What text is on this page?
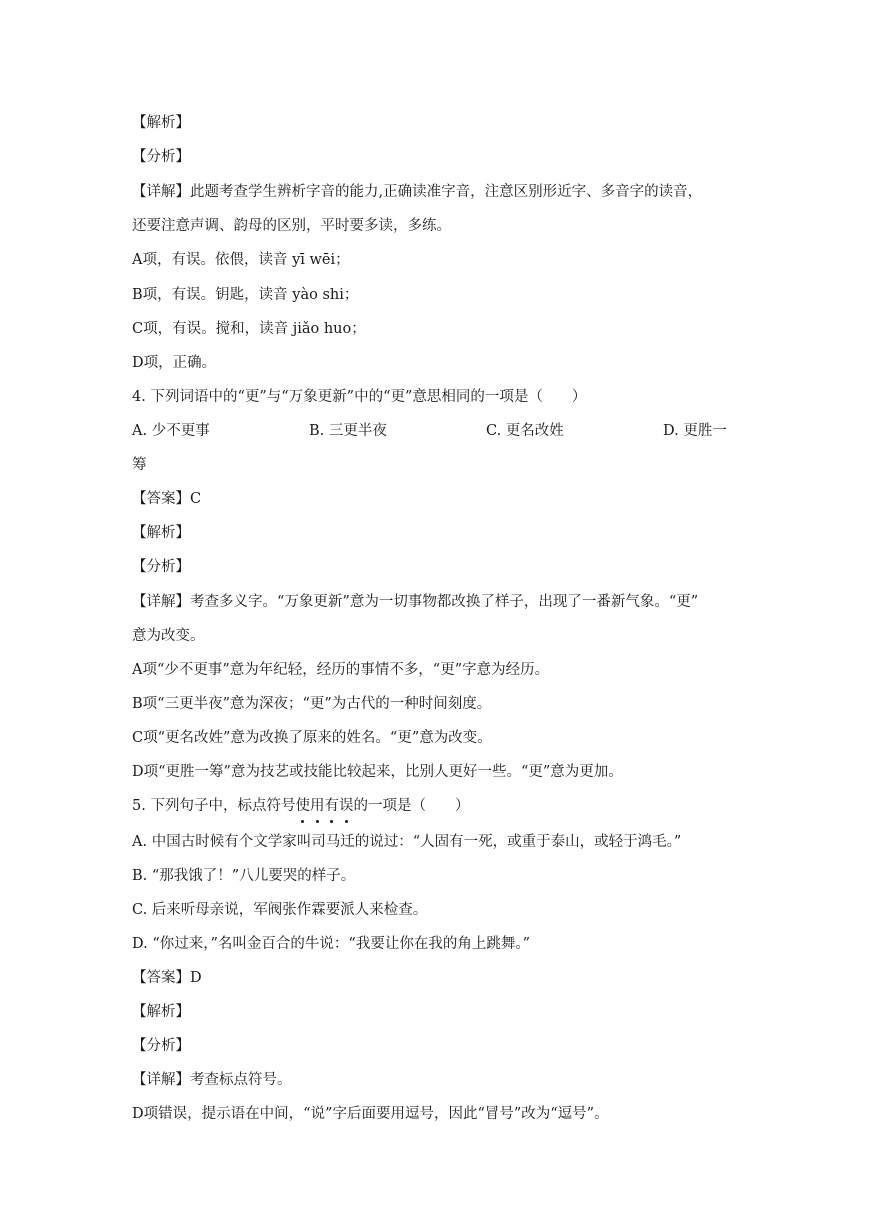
【解析】
【分析】
【详解】此题考查学生辨析字音的能力,正确读准字音，注意区别形近字、多音字的读音，
还要注意声调、韵母的区别，平时要多读，多练。
A项，有误。依偎，读音 yī wēi；
B项，有误。钥匙，读音 yào shi；
C项，有误。搅和，读音 jiǎo huo；
D项，正确。
4. 下列词语中的“更”与“万象更新”中的“更”意思相同的一项是（　　）
A. 少不更事	B. 三更半夜	C. 更名改姓	D. 更胜一
筹
【答案】C
【解析】
【分析】
【详解】考查多义字。“万象更新”意为一切事物都改换了样子，出现了一番新气象。“更”
意为改变。
A项“少不更事”意为年纪轻，经历的事情不多，“更”字意为经历。
B项“三更半夜”意为深夜；“更”为古代的一种时间刻度。
C项“更名改姓”意为改换了原来的姓名。“更”意为改变。
D项“更胜一筹”意为技艺或技能比较起来，比别人更好一些。“更”意为更加。
5. 下列句子中，标点符号使用有误的一项是（　　）
A. 中国古时候有个文学家叫司马迁的说过：“人固有一死，或重于泰山，或轻于鸿毛。”
B. “那我饿了！”八儿要哭的样子。
C. 后来听母亲说，军阀张作霖要派人来检查。
D. “你过来，”名叫金百合的牛说：“我要让你在我的角上跳舞。”
【答案】D
【解析】
【分析】
【详解】考查标点符号。
D项错误，提示语在中间，“说”字后面要用逗号，因此“冒号”改为“逗号”。
